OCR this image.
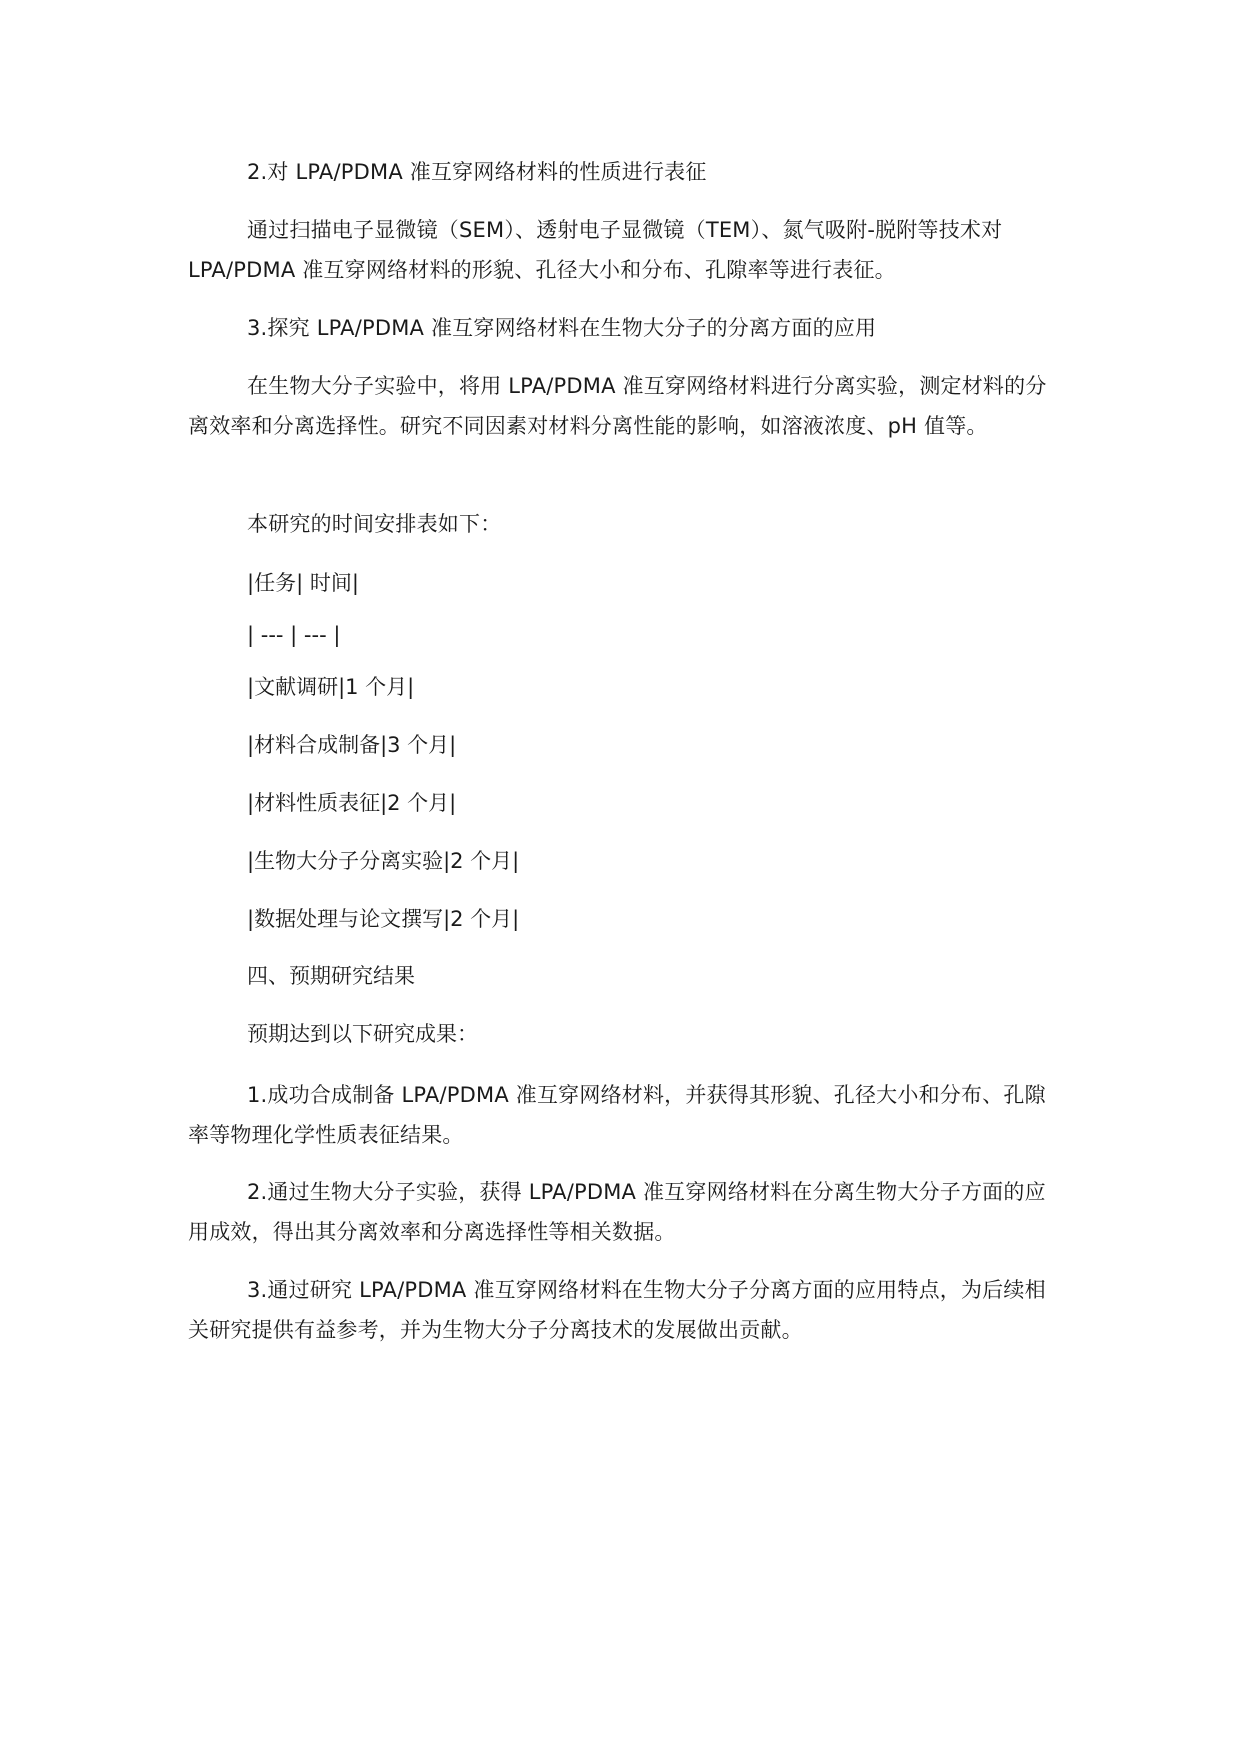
2.对 LPA/PDMA 准互穿网络材料的性质进行表征

通过扫描电子显微镜（SEM）、透射电子显微镜（TEM）、氮气吸附-脱附等技术对 LPA/PDMA 准互穿网络材料的形貌、孔径大小和分布、孔隙率等进行表征。

3.探究 LPA/PDMA 准互穿网络材料在生物大分子的分离方面的应用

在生物大分子实验中，将用 LPA/PDMA 准互穿网络材料进行分离实验，测定材料的分离效率和分离选择性。研究不同因素对材料分离性能的影响，如溶液浓度、pH 值等。

本研究的时间安排表如下：

|任务| 时间|

| --- | --- |

|文献调研|1 个月|

|材料合成制备|3 个月|

|材料性质表征|2 个月|

|生物大分子分离实验|2 个月|

|数据处理与论文撰写|2 个月|

四、预期研究结果

预期达到以下研究成果：

1.成功合成制备 LPA/PDMA 准互穿网络材料，并获得其形貌、孔径大小和分布、孔隙率等物理化学性质表征结果。

2.通过生物大分子实验，获得 LPA/PDMA 准互穿网络材料在分离生物大分子方面的应用成效，得出其分离效率和分离选择性等相关数据。

3.通过研究 LPA/PDMA 准互穿网络材料在生物大分子分离方面的应用特点，为后续相关研究提供有益参考，并为生物大分子分离技术的发展做出贡献。
